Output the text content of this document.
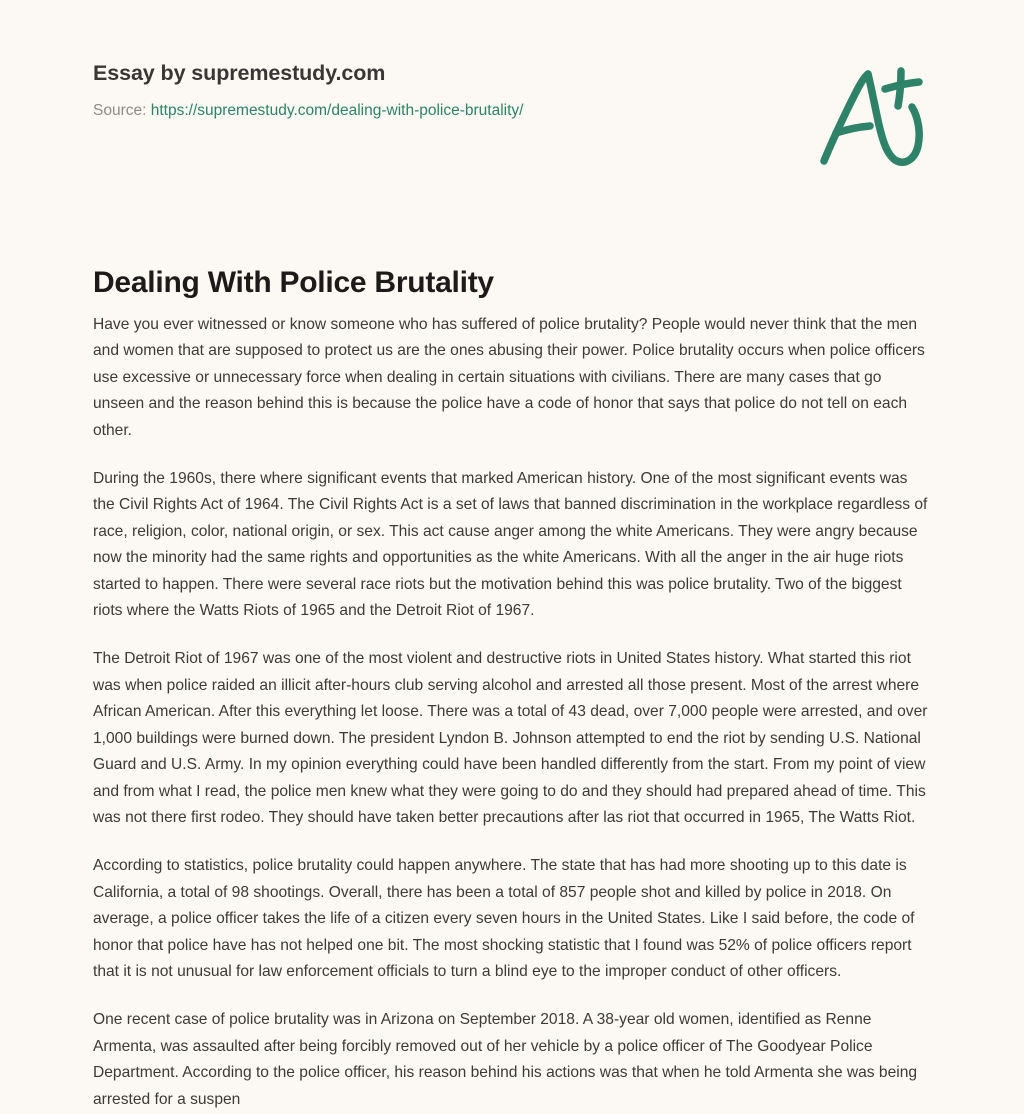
Essay by supremestudy.com
Source: https://supremestudy.com/dealing-with-police-brutality/
Dealing With Police Brutality

Have you ever witnessed or know someone who has suffered of police brutality? People would never think that the men and women that are supposed to protect us are the ones abusing their power. Police brutality occurs when police officers use excessive or unnecessary force when dealing in certain situations with civilians. There are many cases that go unseen and the reason behind this is because the police have a code of honor that says that police do not tell on each other.

During the 1960s, there where significant events that marked American history. One of the most significant events was the Civil Rights Act of 1964. The Civil Rights Act is a set of laws that banned discrimination in the workplace regardless of race, religion, color, national origin, or sex. This act cause anger among the white Americans. They were angry because now the minority had the same rights and opportunities as the white Americans. With all the anger in the air huge riots started to happen. There were several race riots but the motivation behind this was police brutality. Two of the biggest riots where the Watts Riots of 1965 and the Detroit Riot of 1967.

The Detroit Riot of 1967 was one of the most violent and destructive riots in United States history. What started this riot was when police raided an illicit after-hours club serving alcohol and arrested all those present. Most of the arrest where African American. After this everything let loose. There was a total of 43 dead, over 7,000 people were arrested, and over 1,000 buildings were burned down. The president Lyndon B. Johnson attempted to end the riot by sending U.S. National Guard and U.S. Army. In my opinion everything could have been handled differently from the start. From my point of view and from what I read, the police men knew what they were going to do and they should had prepared ahead of time. This was not there first rodeo. They should have taken better precautions after las riot that occurred in 1965, The Watts Riot.

According to statistics, police brutality could happen anywhere. The state that has had more shooting up to this date is California, a total of 98 shootings. Overall, there has been a total of 857 people shot and killed by police in 2018. On average, a police officer takes the life of a citizen every seven hours in the United States. Like I said before, the code of honor that police have has not helped one bit. The most shocking statistic that I found was 52% of police officers report that it is not unusual for law enforcement officials to turn a blind eye to the improper conduct of other officers.

One recent case of police brutality was in Arizona on September 2018. A 38-year old women, identified as Renne Armenta, was assaulted after being forcibly removed out of her vehicle by a police officer of The Goodyear Police Department. According to the police officer, his reason behind his actions was that when he told Armenta she was being arrested for a suspen
